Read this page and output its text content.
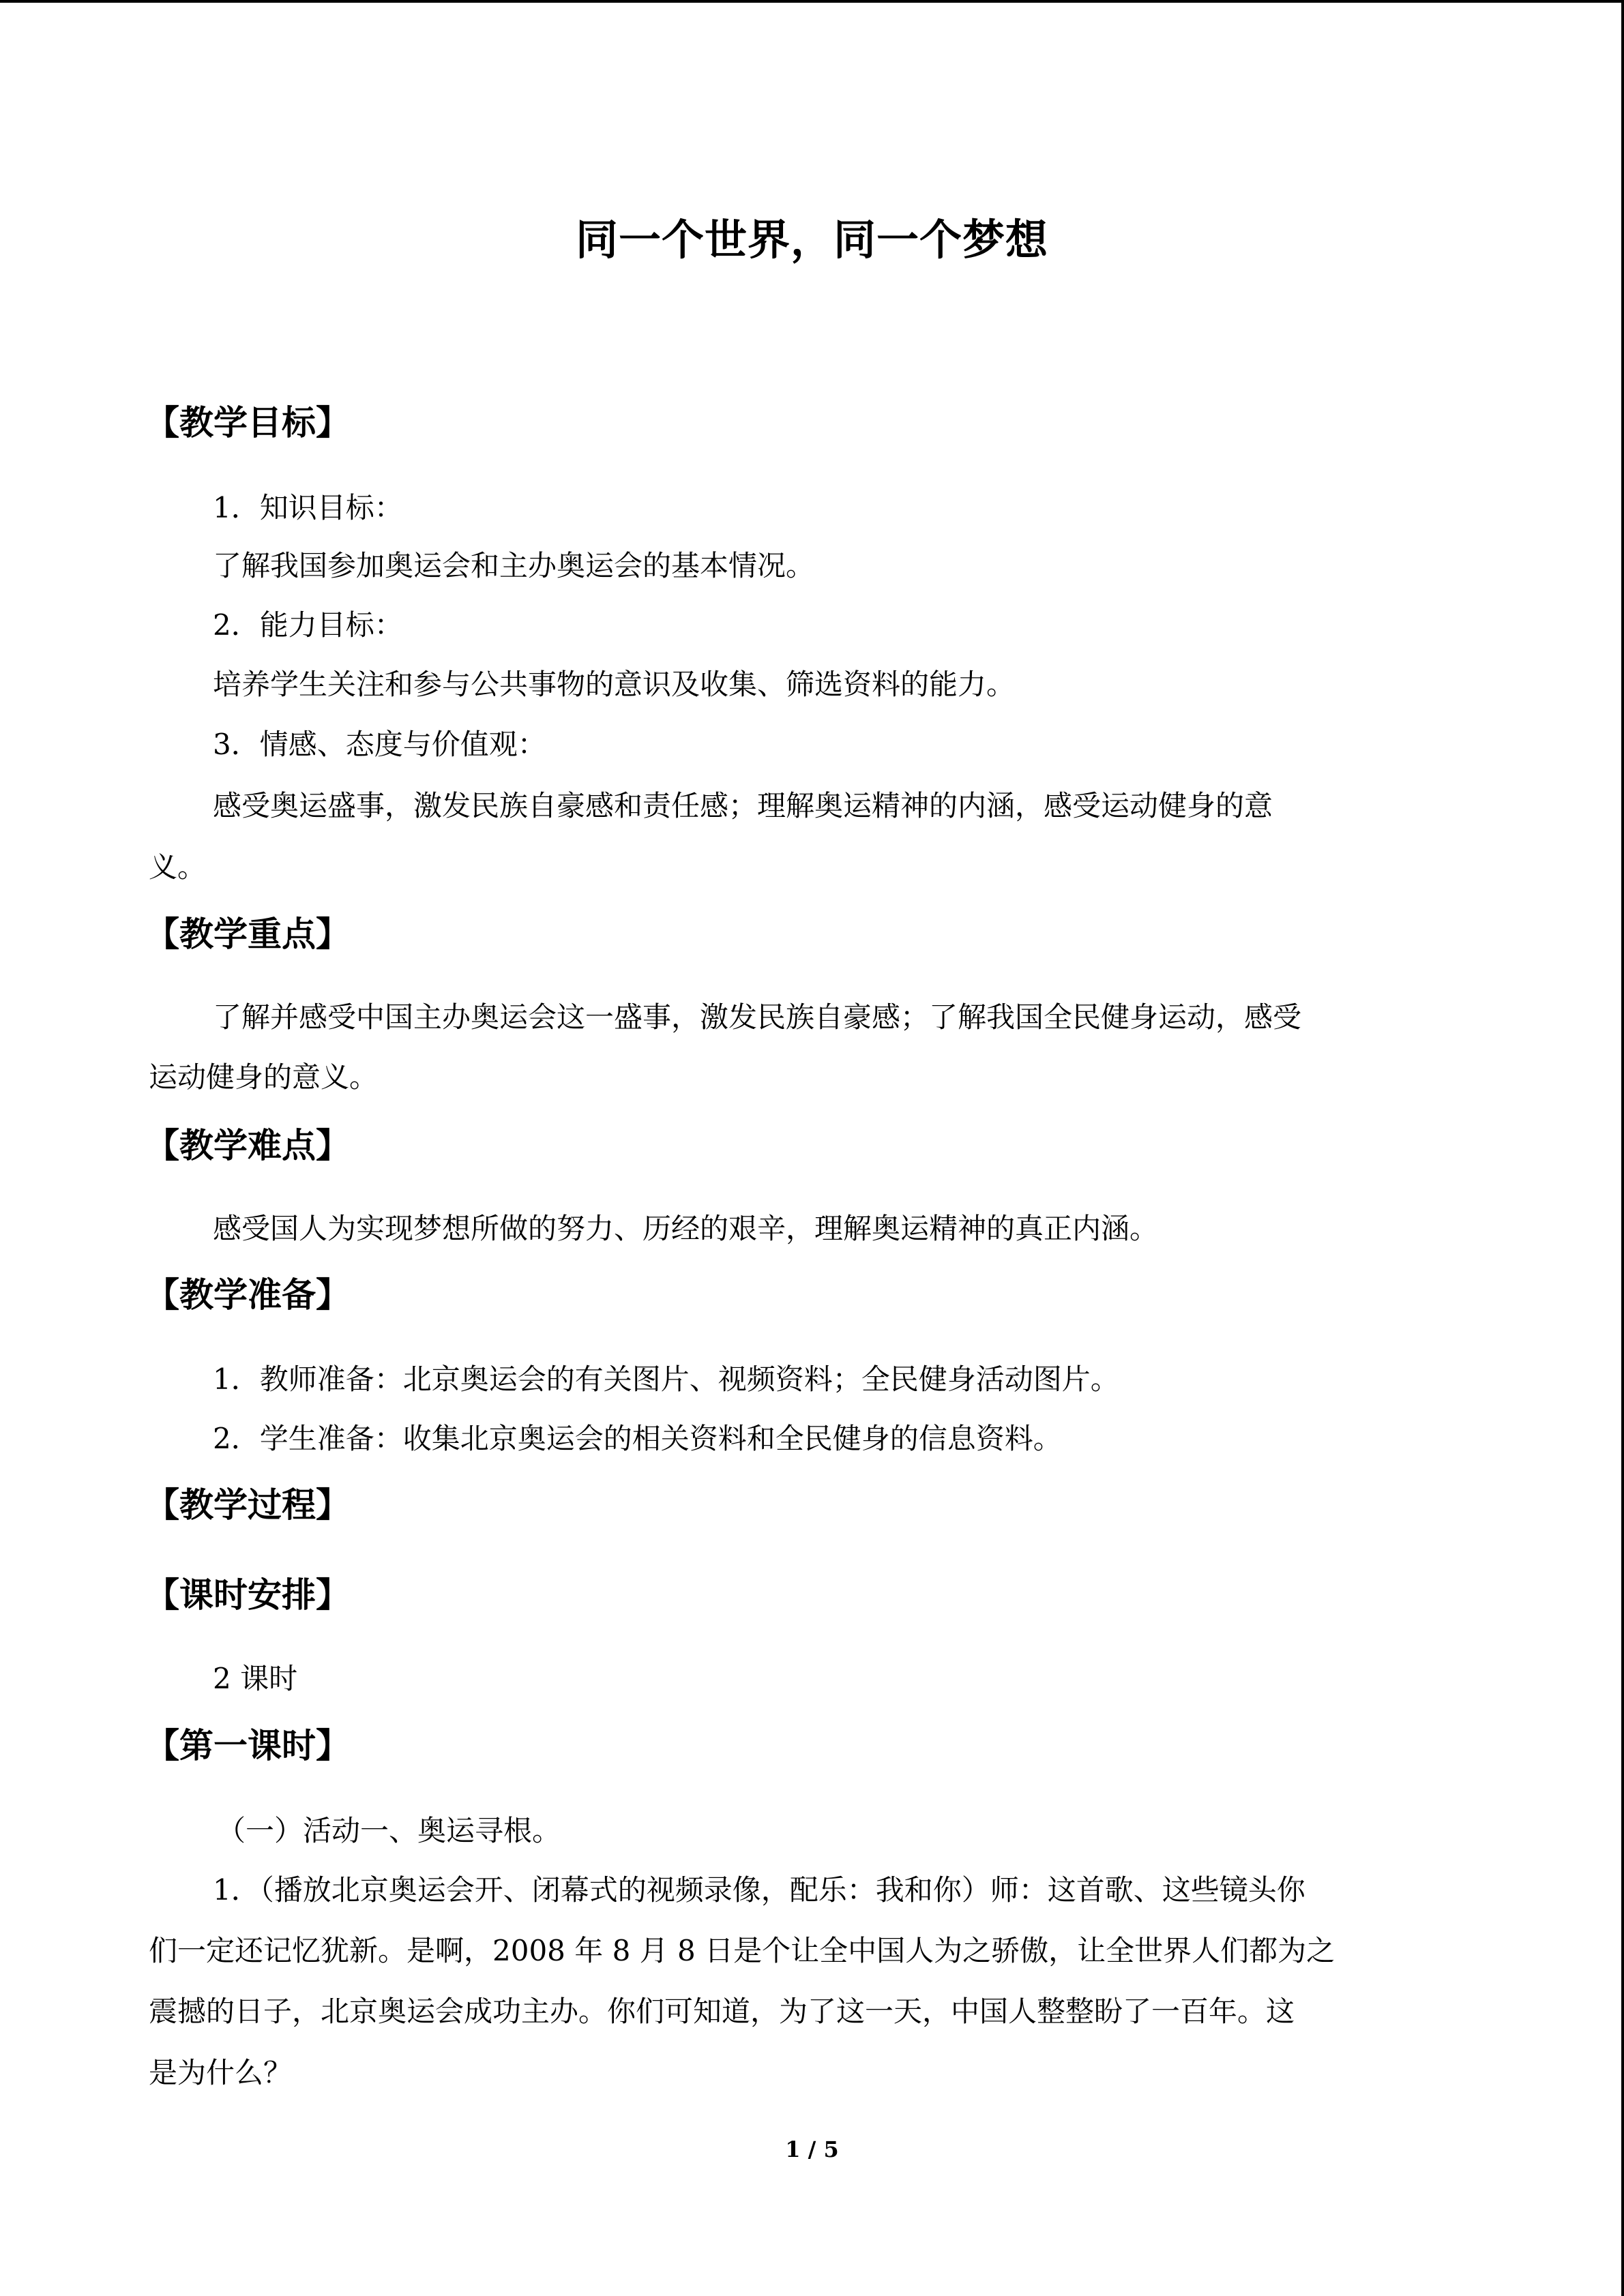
同一个世界，同一个梦想
【教学目标】
1．知识目标：
了解我国参加奥运会和主办奥运会的基本情况。
2．能力目标：
培养学生关注和参与公共事物的意识及收集、筛选资料的能力。
3．情感、态度与价值观：
感受奥运盛事，激发民族自豪感和责任感；理解奥运精神的内涵，感受运动健身的意
义。
【教学重点】
了解并感受中国主办奥运会这一盛事，激发民族自豪感；了解我国全民健身运动，感受
运动健身的意义。
【教学难点】
感受国人为实现梦想所做的努力、历经的艰辛，理解奥运精神的真正内涵。
【教学准备】
1．教师准备：北京奥运会的有关图片、视频资料；全民健身活动图片。
2．学生准备：收集北京奥运会的相关资料和全民健身的信息资料。
【教学过程】
【课时安排】
2 课时
【第一课时】
（一）活动一、奥运寻根。
1．（播放北京奥运会开、闭幕式的视频录像，配乐：我和你）师：这首歌、这些镜头你
们一定还记忆犹新。是啊，2008 年 8 月 8 日是个让全中国人为之骄傲，让全世界人们都为之
震撼的日子，北京奥运会成功主办。你们可知道，为了这一天，中国人整整盼了一百年。这
是为什么？
1 / 5
